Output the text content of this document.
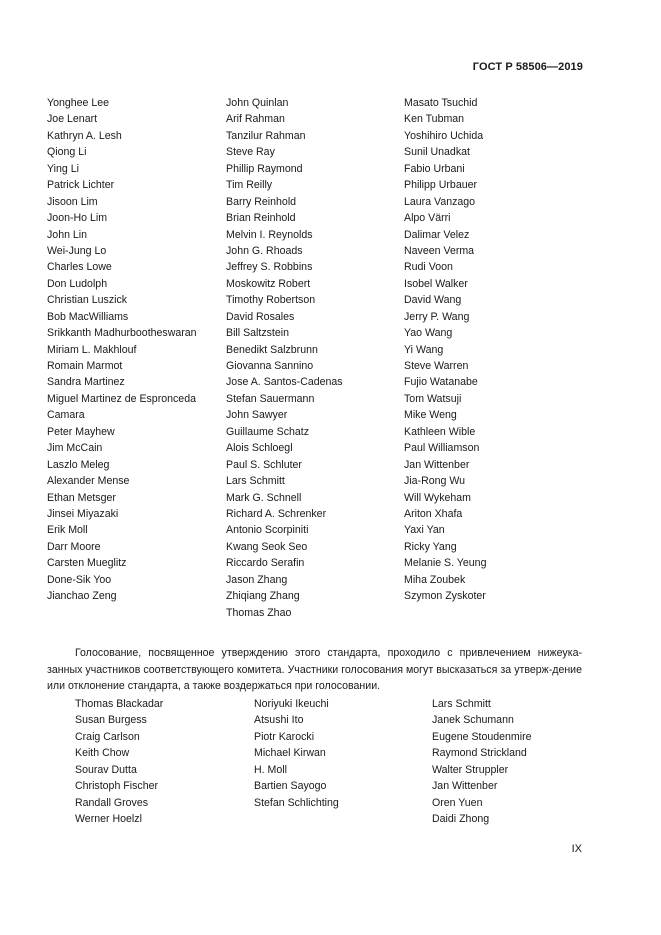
ГОСТ Р 58506—2019
Yonghee Lee
Joe Lenart
Kathryn A. Lesh
Qiong Li
Ying Li
Patrick Lichter
Jisoon Lim
Joon-Ho Lim
John Lin
Wei-Jung Lo
Charles Lowe
Don Ludolph
Christian Luszick
Bob MacWilliams
Srikkanth Madhurbootheswaran
Miriam L. Makhlouf
Romain Marmot
Sandra Martinez
Miguel Martinez de Espronceda
Camara
Peter Mayhew
Jim McCain
Laszlo Meleg
Alexander Mense
Ethan Metsger
Jinsei Miyazaki
Erik Moll
Darr Moore
Carsten Mueglitz
Done-Sik Yoo
Jianchao Zeng
John Quinlan
Arif Rahman
Tanzilur Rahman
Steve Ray
Phillip Raymond
Tim Reilly
Barry Reinhold
Brian Reinhold
Melvin I. Reynolds
John G. Rhoads
Jeffrey S. Robbins
Moskowitz Robert
Timothy Robertson
David Rosales
Bill Saltzstein
Benedikt Salzbrunn
Giovanna Sannino
Jose A. Santos-Cadenas
Stefan Sauermann
John Sawyer
Guillaume Schatz
Alois Schloegl
Paul S. Schluter
Lars Schmitt
Mark G. Schnell
Richard A. Schrenker
Antonio Scorpiniti
Kwang Seok Seo
Riccardo Serafin
Jason Zhang
Zhiqiang Zhang
Thomas Zhao
Masato Tsuchid
Ken Tubman
Yoshihiro Uchida
Sunil Unadkat
Fabio Urbani
Philipp Urbauer
Laura Vanzago
Alpo Värri
Dalimar Velez
Naveen Verma
Rudi Voon
Isobel Walker
David Wang
Jerry P. Wang
Yao Wang
Yi Wang
Steve Warren
Fujio Watanabe
Tom Watsuji
Mike Weng
Kathleen Wible
Paul Williamson
Jan Wittenber
Jia-Rong Wu
Will Wykeham
Ariton Xhafa
Yaxi Yan
Ricky Yang
Melanie S. Yeung
Miha Zoubek
Szymon Zyskoter
Голосование, посвященное утверждению этого стандарта, проходило с привлечением нижеука-занных участников соответствующего комитета. Участники голосования могут высказаться за утверж-дение или отклонение стандарта, а также воздержаться при голосовании.
Thomas Blackadar
Susan Burgess
Craig Carlson
Keith Chow
Sourav Dutta
Christoph Fischer
Randall Groves
Werner Hoelzl
Noriyuki Ikeuchi
Atsushi Ito
Piotr Karocki
Michael Kirwan
H. Moll
Bartien Sayogo
Stefan Schlichting
Lars Schmitt
Janek Schumann
Eugene Stoudenmire
Raymond Strickland
Walter Struppler
Jan Wittenber
Oren Yuen
Daidi Zhong
IX
